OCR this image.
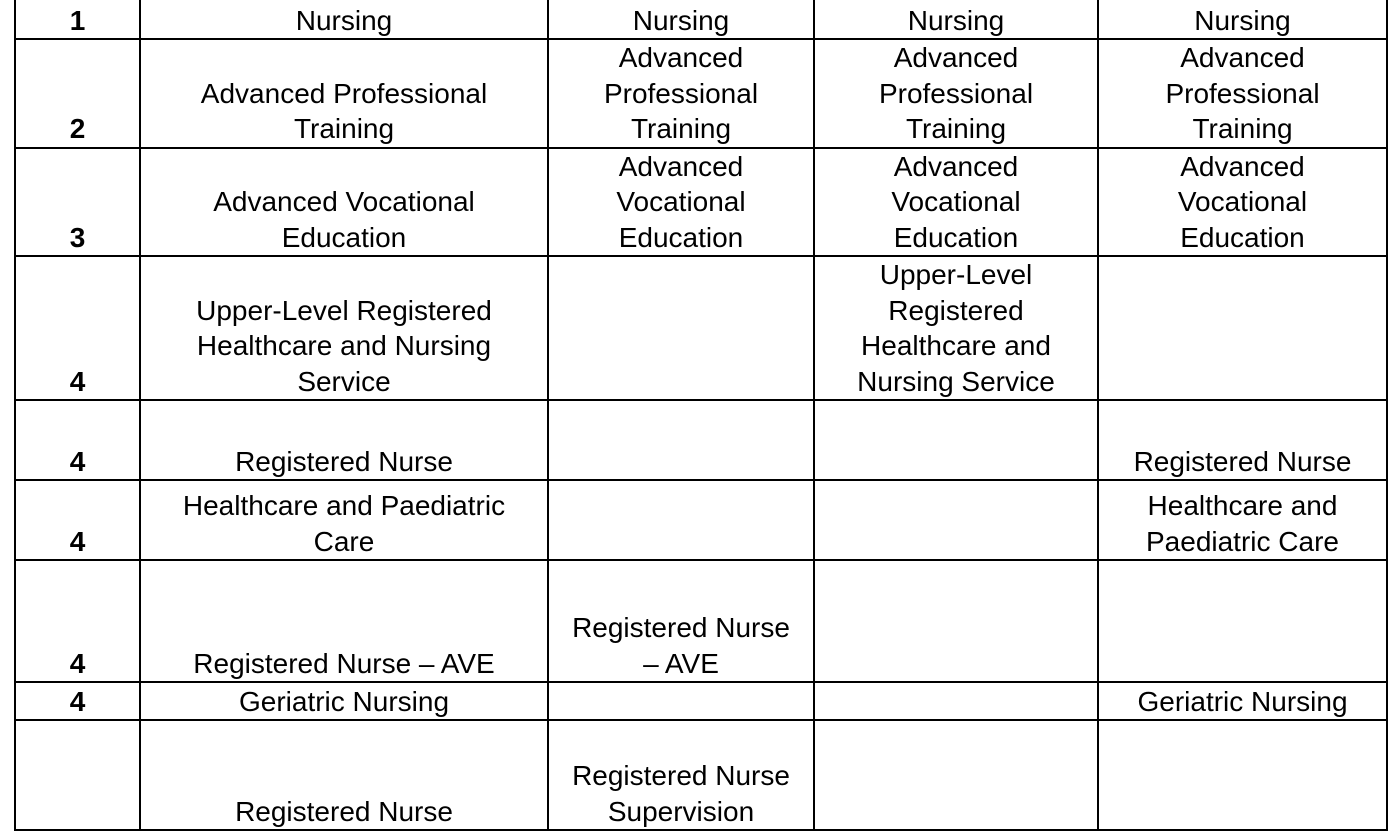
1	Nursing	Nursing	Nursing	Nursing
2	Advanced Professional Training	Advanced Professional Training	Advanced Professional Training	Advanced Professional Training
3	Advanced Vocational Education	Advanced Vocational Education	Advanced Vocational Education	Advanced Vocational Education
4	Upper-Level Registered Healthcare and Nursing Service		Upper-Level Registered Healthcare and Nursing Service	
4	Registered Nurse			Registered Nurse
4	Healthcare and Paediatric Care			Healthcare and Paediatric Care
4	Registered Nurse – AVE	Registered Nurse – AVE		
4	Geriatric Nursing			Geriatric Nursing
	Registered Nurse	Registered Nurse Supervision		
